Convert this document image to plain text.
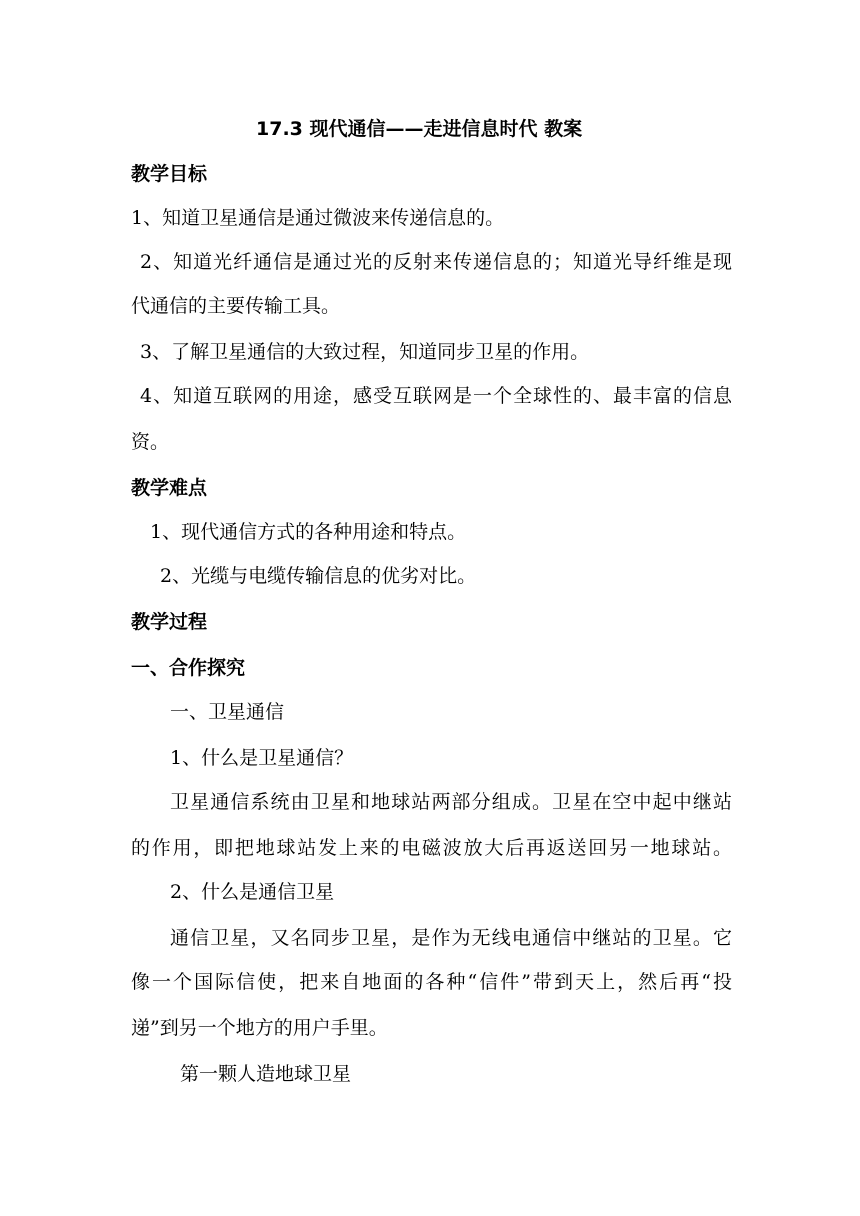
17.3 现代通信——走进信息时代 教案
教学目标
1、知道卫星通信是通过微波来传递信息的。
2、知道光纤通信是通过光的反射来传递信息的；知道光导纤维是现
代通信的主要传输工具。
3、了解卫星通信的大致过程，知道同步卫星的作用。
4、知道互联网的用途，感受互联网是一个全球性的、最丰富的信息
资。
教学难点
1、现代通信方式的各种用途和特点。
2、光缆与电缆传输信息的优劣对比。
教学过程
一、合作探究
一、卫星通信
1、什么是卫星通信？
卫星通信系统由卫星和地球站两部分组成。卫星在空中起中继站
的作用，即把地球站发上来的电磁波放大后再返送回另一地球站。
2、什么是通信卫星
通信卫星，又名同步卫星，是作为无线电通信中继站的卫星。它
像一个国际信使，把来自地面的各种“信件”带到天上，然后再“投
递”到另一个地方的用户手里。
第一颗人造地球卫星
